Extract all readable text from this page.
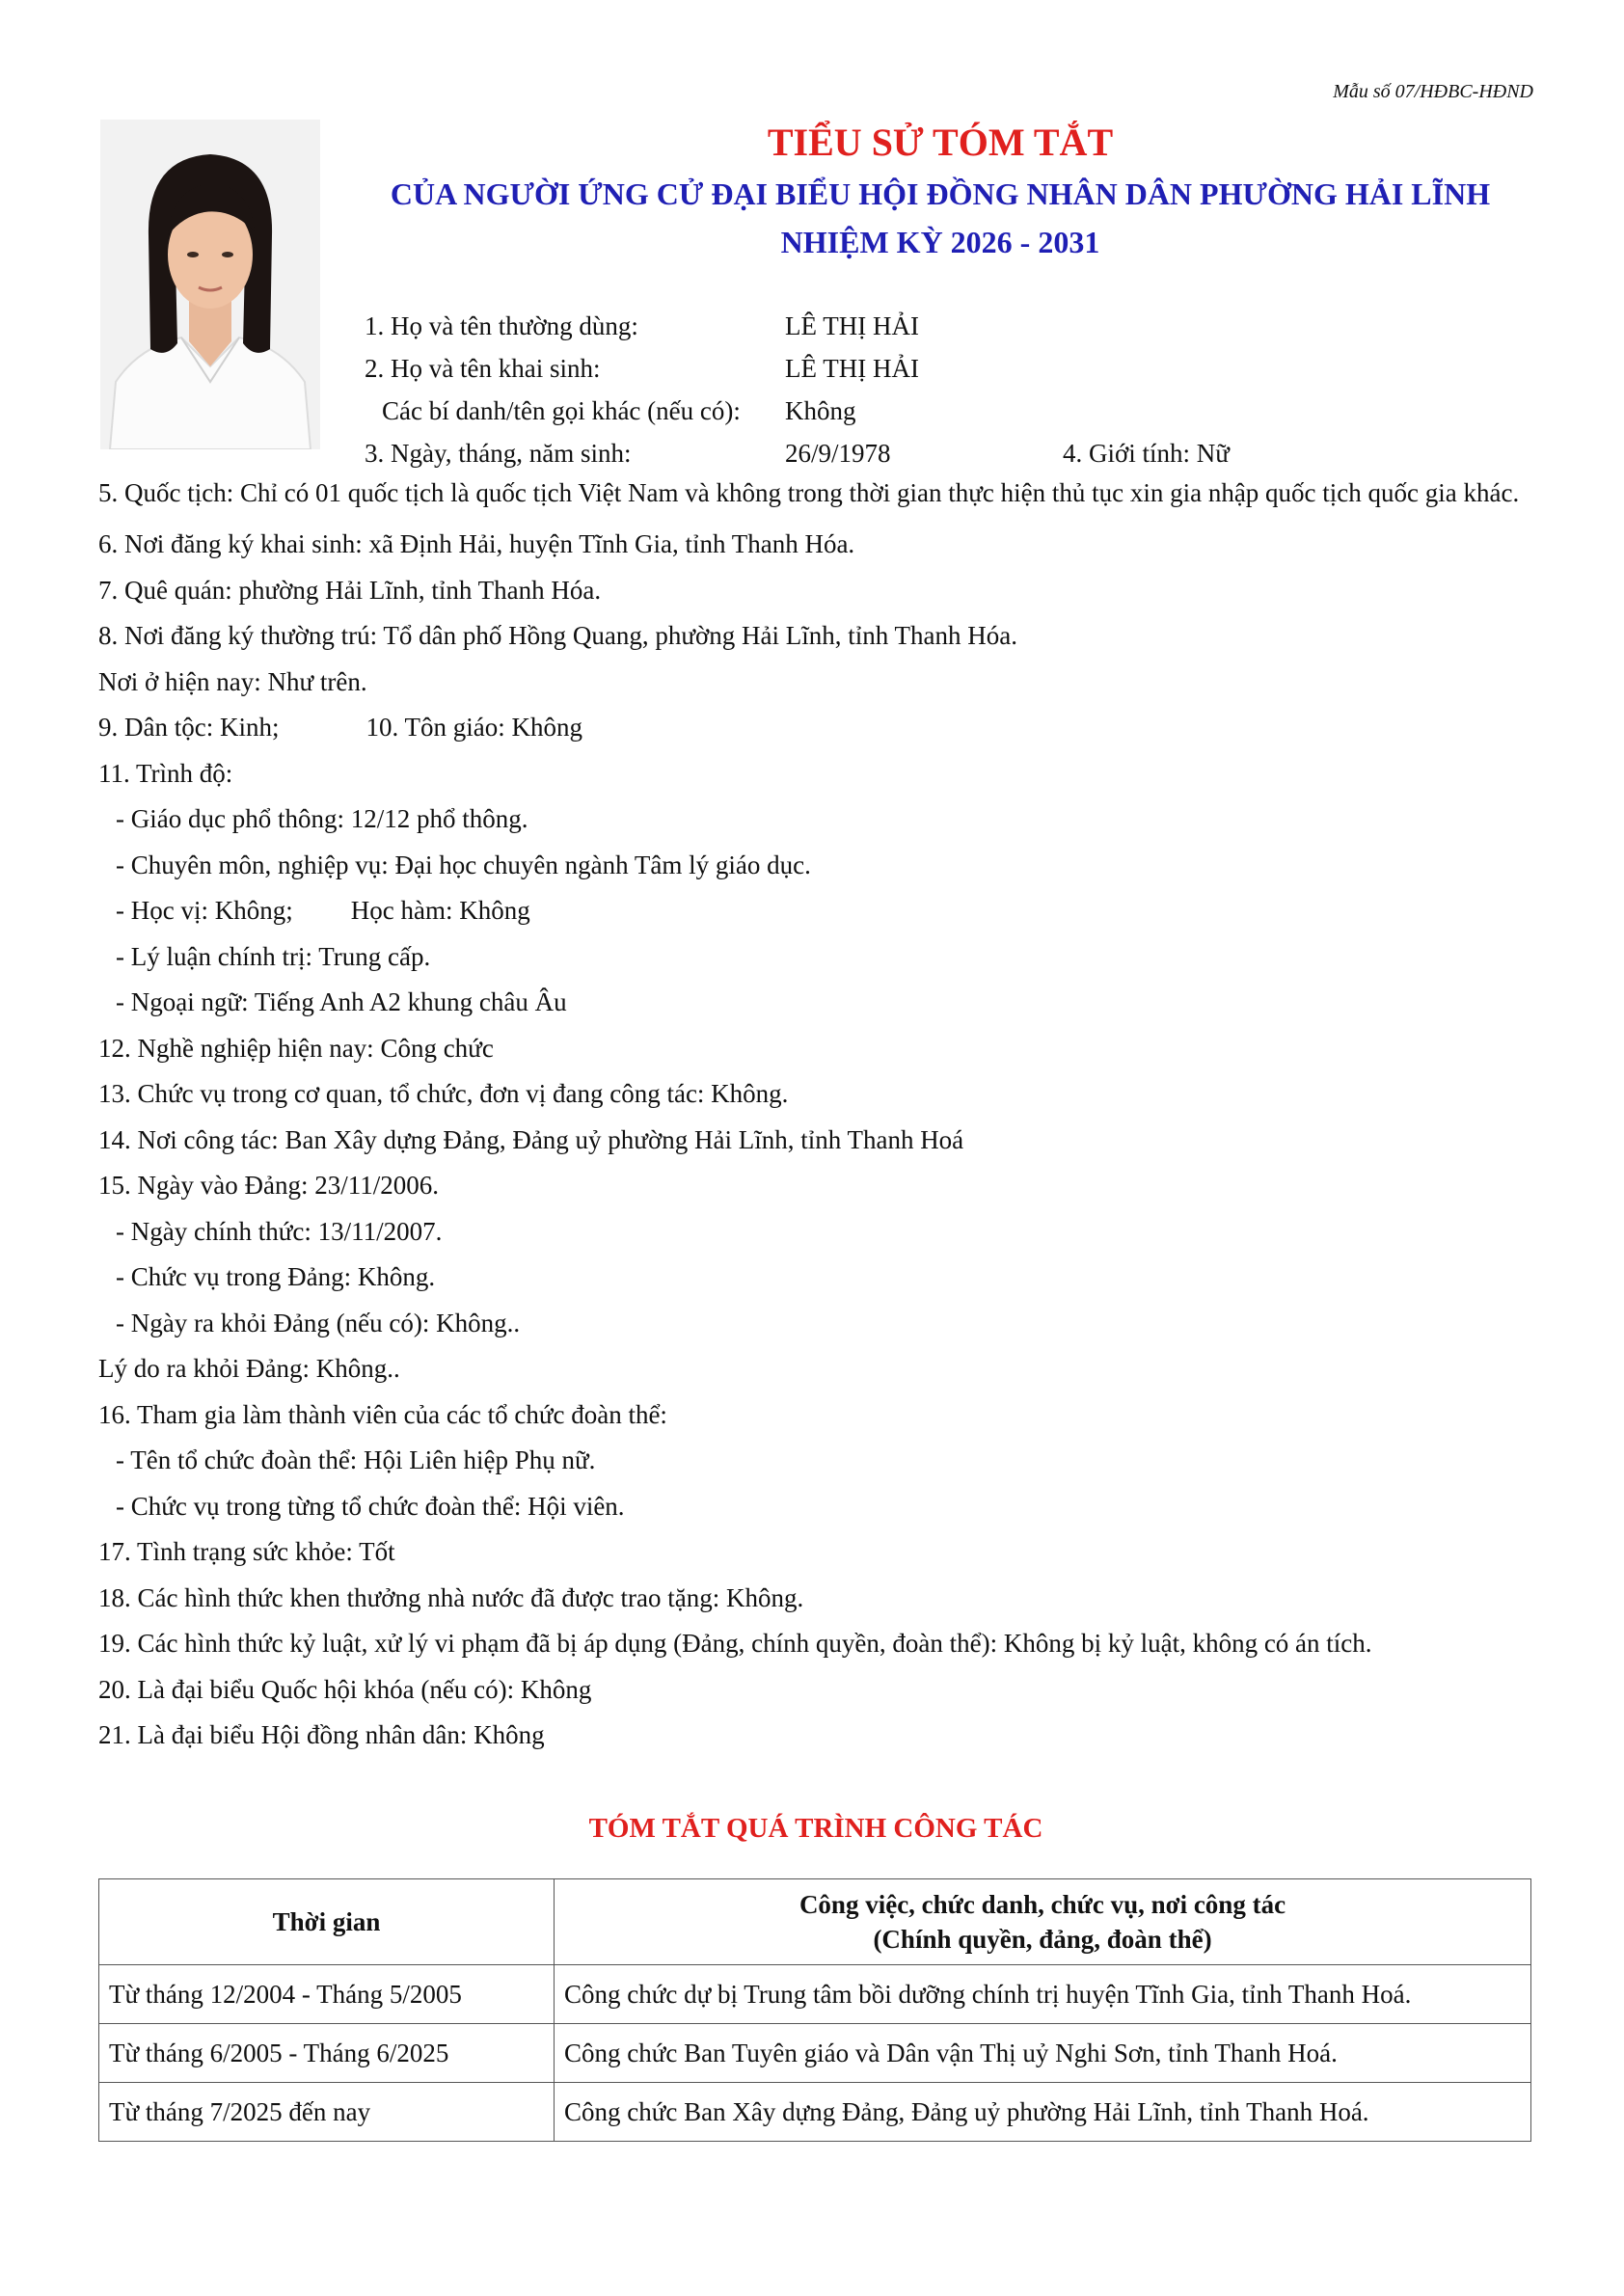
Mẫu số 07/HĐBC-HĐND
TIỂU SỬ TÓM TẮT
CỦA NGƯỜI ỨNG CỬ ĐẠI BIỂU HỘI ĐỒNG NHÂN DÂN PHƯỜNG HẢI LĨNH
NHIỆM KỲ 2026 - 2031
1. Họ và tên thường dùng:	LÊ THỊ HẢI
2. Họ và tên khai sinh:	LÊ THỊ HẢI
Các bí danh/tên gọi khác (nếu có): Không
3. Ngày, tháng, năm sinh:	26/9/1978	4. Giới tính: Nữ
5. Quốc tịch: Chỉ có 01 quốc tịch là quốc tịch Việt Nam và không trong thời gian thực hiện thủ tục xin gia nhập quốc tịch quốc gia khác.
6. Nơi đăng ký khai sinh: xã Định Hải, huyện Tĩnh Gia, tỉnh Thanh Hóa.
7. Quê quán: phường Hải Lĩnh, tỉnh Thanh Hóa.
8. Nơi đăng ký thường trú: Tổ dân phố Hồng Quang, phường Hải Lĩnh, tỉnh Thanh Hóa.
Nơi ở hiện nay: Như trên.
9. Dân tộc: Kinh;	10. Tôn giáo: Không
11. Trình độ:
- Giáo dục phổ thông: 12/12 phổ thông.
- Chuyên môn, nghiệp vụ: Đại học chuyên ngành Tâm lý giáo dục.
- Học vị: Không; Học hàm: Không
- Lý luận chính trị: Trung cấp.
- Ngoại ngữ: Tiếng Anh A2 khung châu Âu
12. Nghề nghiệp hiện nay: Công chức
13. Chức vụ trong cơ quan, tổ chức, đơn vị đang công tác: Không.
14. Nơi công tác: Ban Xây dựng Đảng, Đảng uỷ phường Hải Lĩnh, tỉnh Thanh Hoá
15. Ngày vào Đảng: 23/11/2006.
- Ngày chính thức: 13/11/2007.
- Chức vụ trong Đảng: Không.
- Ngày ra khỏi Đảng (nếu có): Không..
Lý do ra khỏi Đảng: Không..
16. Tham gia làm thành viên của các tổ chức đoàn thể:
- Tên tổ chức đoàn thể: Hội Liên hiệp Phụ nữ.
- Chức vụ trong từng tổ chức đoàn thể: Hội viên.
17. Tình trạng sức khỏe: Tốt
18. Các hình thức khen thưởng nhà nước đã được trao tặng: Không.
19. Các hình thức kỷ luật, xử lý vi phạm đã bị áp dụng (Đảng, chính quyền, đoàn thể): Không bị kỷ luật, không có án tích.
20. Là đại biểu Quốc hội khóa (nếu có): Không
21. Là đại biểu Hội đồng nhân dân: Không
TÓM TẮT QUÁ TRÌNH CÔNG TÁC
Thời gian	Công việc, chức danh, chức vụ, nơi công tác
(Chính quyền, đảng, đoàn thể)

Từ tháng 12/2004 - Tháng 5/2005	Công chức dự bị Trung tâm bồi dưỡng chính trị huyện Tĩnh Gia, tỉnh Thanh Hoá.
Từ tháng 6/2005 - Tháng 6/2025	Công chức Ban Tuyên giáo và Dân vận Thị uỷ Nghi Sơn, tỉnh Thanh Hoá.
Từ tháng 7/2025 đến nay	Công chức Ban Xây dựng Đảng, Đảng uỷ phường Hải Lĩnh, tỉnh Thanh Hoá.
